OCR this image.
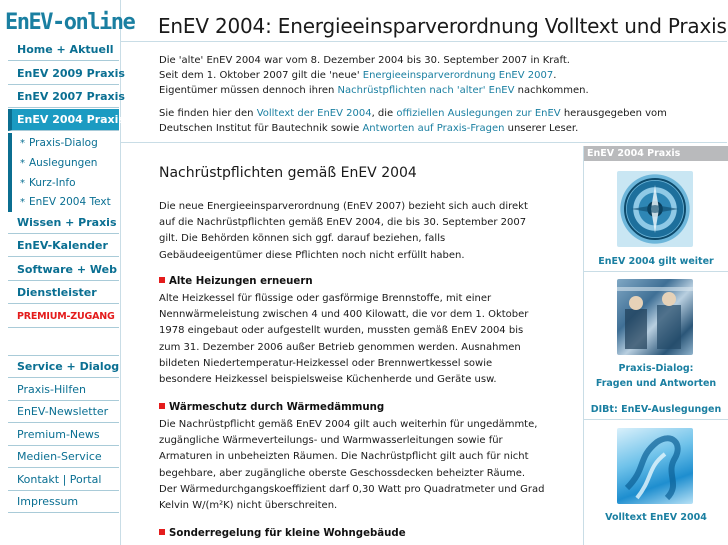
EnEV-online
Home + Aktuell
EnEV 2009 Praxis
EnEV 2007 Praxis
EnEV 2004 Praxis
* Praxis-Dialog
* Auslegungen
* Kurz-Info
* EnEV 2004 Text
Wissen + Praxis
EnEV-Kalender
Software + Web
Dienstleister
PREMIUM-ZUGANG
Service + Dialog
Praxis-Hilfen
EnEV-Newsletter
Premium-News
Medien-Service
Kontakt | Portal
Impressum
EnEV 2004: Energieeinsparverordnung Volltext und Praxis
Die 'alte' EnEV 2004 war vom 8. Dezember 2004 bis 30. September 2007 in Kraft.
Seit dem 1. Oktober 2007 gilt die 'neue' Energieeinsparverordnung EnEV 2007.
Eigentümer müssen dennoch ihren Nachrüstpflichten nach 'alter' EnEV nachkommen.
Sie finden hier den Volltext der EnEV 2004, die offiziellen Auslegungen zur EnEV herausgegeben vom
Deutschen Institut für Bautechnik sowie Antworten auf Praxis-Fragen unserer Leser.
Nachrüstpflichten gemäß EnEV 2004
Die neue Energieeinsparverordnung (EnEV 2007) bezieht sich auch direkt
auf die Nachrüstpflichten gemäß EnEV 2004, die bis 30. September 2007
gilt. Die Behörden können sich ggf. darauf beziehen, falls
Gebäudeeigentümer diese Pflichten noch nicht erfüllt haben.
Alte Heizungen erneuern
Alte Heizkessel für flüssige oder gasförmige Brennstoffe, mit einer
Nennwärmeleistung zwischen 4 und 400 Kilowatt, die vor dem 1. Oktober
1978 eingebaut oder aufgestellt wurden, mussten gemäß EnEV 2004 bis
zum 31. Dezember 2006 außer Betrieb genommen werden. Ausnahmen
bildeten Niedertemperatur-Heizkessel oder Brennwertkessel sowie
besondere Heizkessel beispielsweise Küchenherde und Geräte usw.
Wärmeschutz durch Wärmedämmung
Die Nachrüstpflicht gemäß EnEV 2004 gilt auch weiterhin für ungedämmte,
zugängliche Wärmeverteilungs- und Warmwasserleitungen sowie für
Armaturen in unbeheizten Räumen. Die Nachrüstpflicht gilt auch für nicht
begehbare, aber zugängliche oberste Geschossdecken beheizter Räume.
Der Wärmedurchgangskoeffizient darf 0,30 Watt pro Quadratmeter und Grad
Kelvin W/(m²K) nicht überschreiten.
Sonderregelung für kleine Wohngebäude
EnEV 2004 Praxis
EnEV 2004 gilt weiter
Praxis-Dialog:
Fragen und Antworten
DIBt: EnEV-Auslegungen
Volltext EnEV 2004
